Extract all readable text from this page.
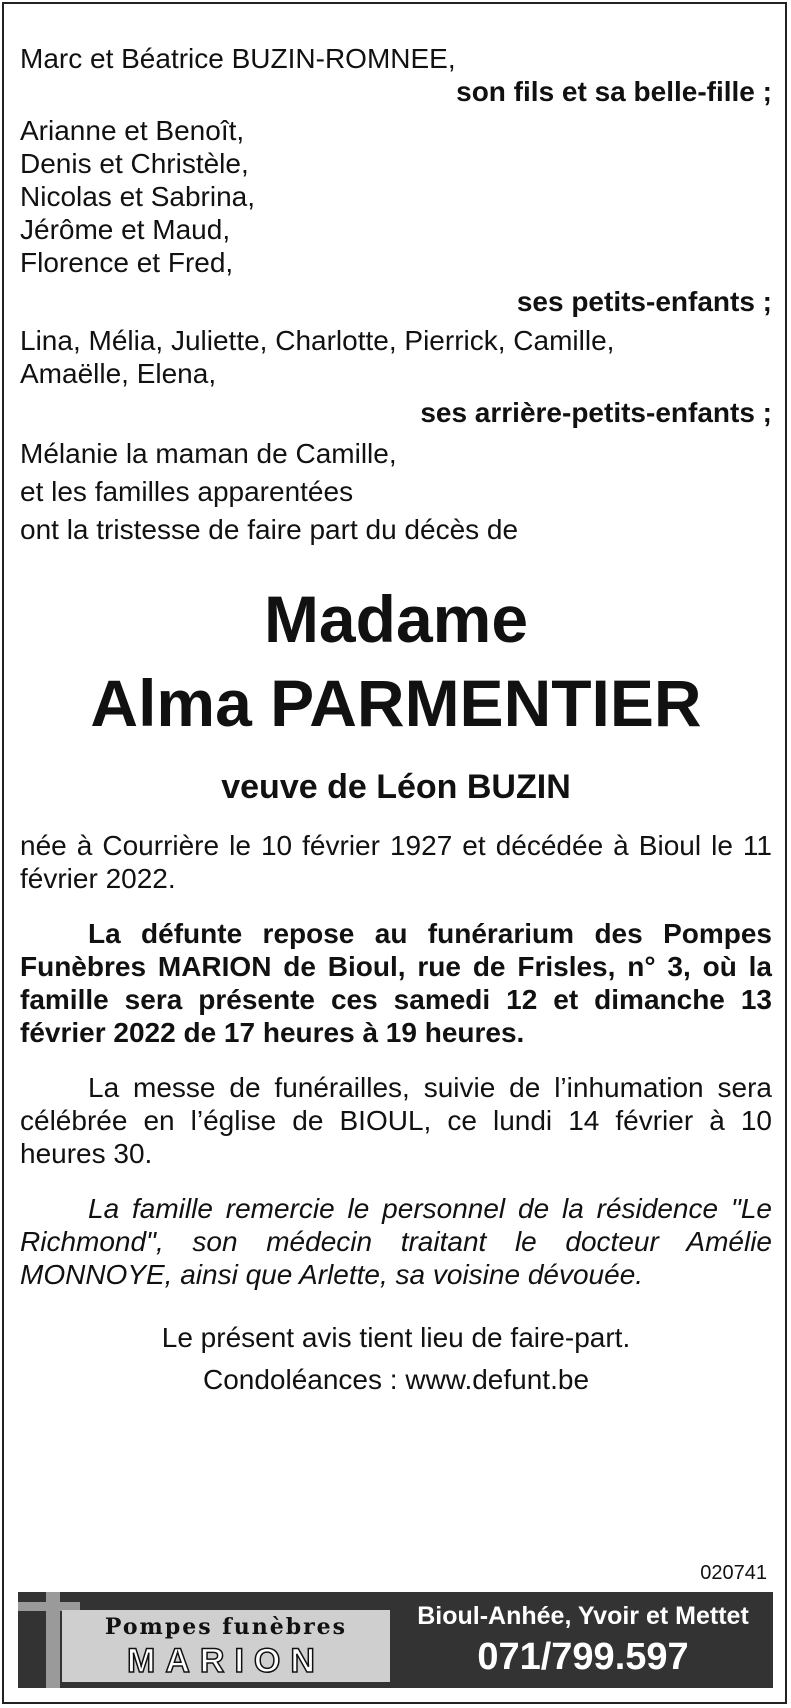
Marc et Béatrice BUZIN-ROMNEE,
son fils et sa belle-fille ;
Arianne et Benoît,
Denis et Christèle,
Nicolas et Sabrina,
Jérôme et Maud,
Florence et Fred,
ses petits-enfants ;
Lina, Mélia, Juliette, Charlotte, Pierrick, Camille,
Amaëlle, Elena,
ses arrière-petits-enfants ;
Mélanie la maman de Camille,
et les familles apparentées
ont la tristesse de faire part du décès de
Madame
Alma PARMENTIER
veuve de Léon BUZIN

née à Courrière le 10 février 1927 et décédée à Bioul le 11 février 2022.

La défunte repose au funérarium des Pompes Funèbres MARION de Bioul, rue de Frisles, n° 3, où la famille sera présente ces samedi 12 et dimanche 13 février 2022 de 17 heures à 19 heures.

La messe de funérailles, suivie de l’inhumation sera célébrée en l’église de BIOUL, ce lundi 14 février à 10 heures 30.

La famille remercie le personnel de la résidence "Le Richmond", son médecin traitant le docteur Amélie MONNOYE, ainsi que Arlette, sa voisine dévouée.

Le présent avis tient lieu de faire-part.
Condoléances : www.defunt.be
020741
Pompes funèbres
MARION
Bioul-Anhée, Yvoir et Mettet
071/799.597
